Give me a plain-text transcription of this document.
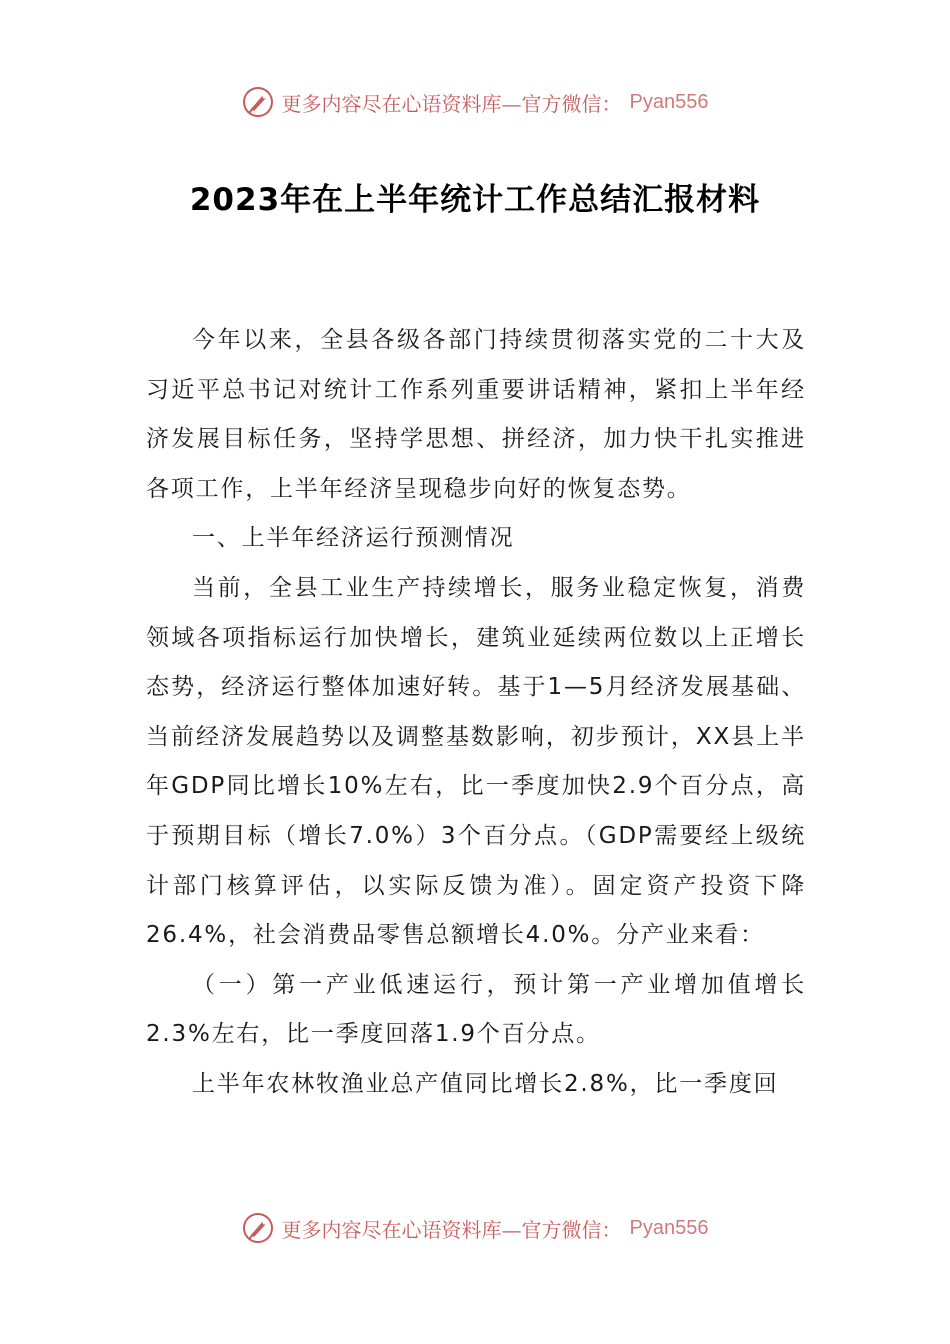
更多内容尽在心语资料库—官方微信： Pyan556
2023年在上半年统计工作总结汇报材料

今年以来，全县各级各部门持续贯彻落实党的二十大及习近平总书记对统计工作系列重要讲话精神，紧扣上半年经济发展目标任务，坚持学思想、拼经济，加力快干扎实推进各项工作，上半年经济呈现稳步向好的恢复态势。

一、上半年经济运行预测情况

当前，全县工业生产持续增长，服务业稳定恢复，消费领域各项指标运行加快增长，建筑业延续两位数以上正增长态势，经济运行整体加速好转。基于1—5月经济发展基础、当前经济发展趋势以及调整基数影响，初步预计，XX县上半年GDP同比增长10%左右，比一季度加快2.9个百分点，高于预期目标（增长7.0%）3个百分点。（GDP需要经上级统计部门核算评估，以实际反馈为准）。固定资产投资下降26.4%，社会消费品零售总额增长4.0%。分产业来看：

（一）第一产业低速运行，预计第一产业增加值增长2.3%左右，比一季度回落1.9个百分点。

上半年农林牧渔业总产值同比增长2.8%，比一季度回

更多内容尽在心语资料库—官方微信： Pyan556
